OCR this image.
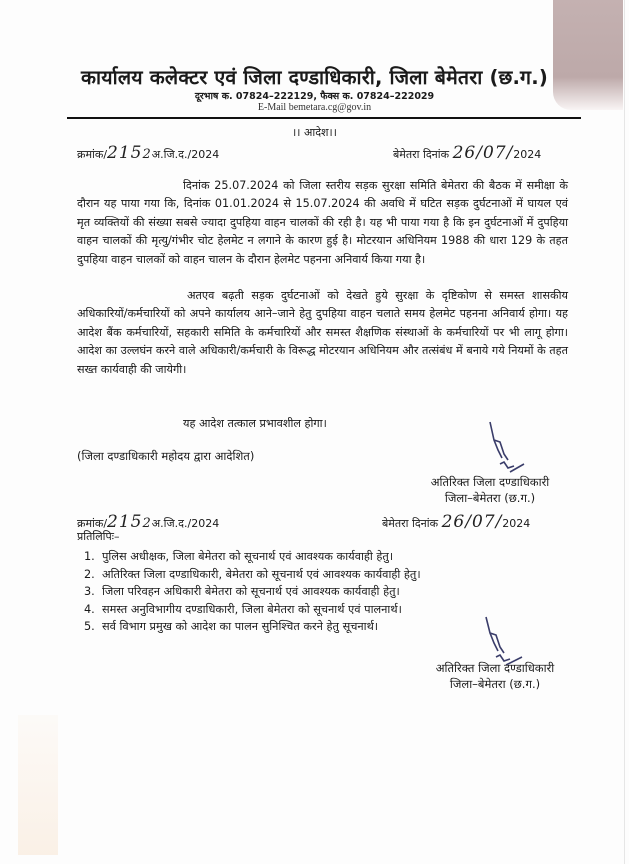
कार्यालय कलेक्टर एवं जिला दण्डाधिकारी, जिला बेमेतरा (छ.ग.)
दूरभाष क. 07824–222129, फैक्स क. 07824–222029
E-Mail bemetara.cg@gov.in
।। आदेश।।
क्रमांक/2152अ.जि.द./2024	बेमेतरा दिनांक 26/07/2024
दिनांक 25.07.2024 को जिला स्तरीय सड़क सुरक्षा समिति बेमेतरा की बैठक में समीक्षा के दौरान यह पाया गया कि, दिनांक 01.01.2024 से 15.07.2024 की अवधि में घटित सड़क दुर्घटनाओं में घायल एवं मृत व्यक्तियों की संख्या सबसे ज्यादा दुपहिया वाहन चालकों की रही है। यह भी पाया गया है कि इन दुर्घटनाओं में दुपहिया वाहन चालकों की मृत्यु/गंभीर चोट हेलमेट न लगाने के कारण हुई है। मोटरयान अधिनियम 1988 की धारा 129 के तहत दुपहिया वाहन चालकों को वाहन चालन के दौरान हेलमेट पहनना अनिवार्य किया गया है।
अतएव बढ़ती सड़क दुर्घटनाओं को देखते हुये सुरक्षा के दृष्टिकोण से समस्त शासकीय अधिकारियों/कर्मचारियों को अपने कार्यालय आने–जाने हेतु दुपहिया वाहन चलाते समय हेलमेट पहनना अनिवार्य होगा। यह आदेश बैंक कर्मचारियों, सहकारी समिति के कर्मचारियों और समस्त शैक्षणिक संस्थाओं के कर्मचारियों पर भी लागू होगा। आदेश का उल्लघंन करने वाले अधिकारी/कर्मचारी के विरूद्ध मोटरयान अधिनियम और तत्संबंध में बनाये गये नियमों के तहत सख्त कार्यवाही की जायेगी।
यह आदेश तत्काल प्रभावशील होगा।
(जिला दण्डाधिकारी महोदय द्वारा आदेशित)
अतिरिक्त जिला दण्डाधिकारी
जिला–बेमेतरा (छ.ग.)
क्रमांक/2152अ.जि.द./2024	बेमेतरा दिनांक 26/07/2024
प्रतिलिपिः–
1. पुलिस अधीक्षक, जिला बेमेतरा को सूचनार्थ एवं आवश्यक कार्यवाही हेतु।
2. अतिरिक्त जिला दण्डाधिकारी, बेमेतरा को सूचनार्थ एवं आवश्यक कार्यवाही हेतु।
3. जिला परिवहन अधिकारी बेमेतरा को सूचनार्थ एवं आवश्यक कार्यवाही हेतु।
4. समस्त अनुविभागीय दण्डाधिकारी, जिला बेमेतरा को सूचनार्थ एवं पालनार्थ।
5. सर्व विभाग प्रमुख को आदेश का पालन सुनिश्चित करने हेतु सूचनार्थ।
अतिरिक्त जिला दण्डाधिकारी
जिला–बेमेतरा (छ.ग.)
